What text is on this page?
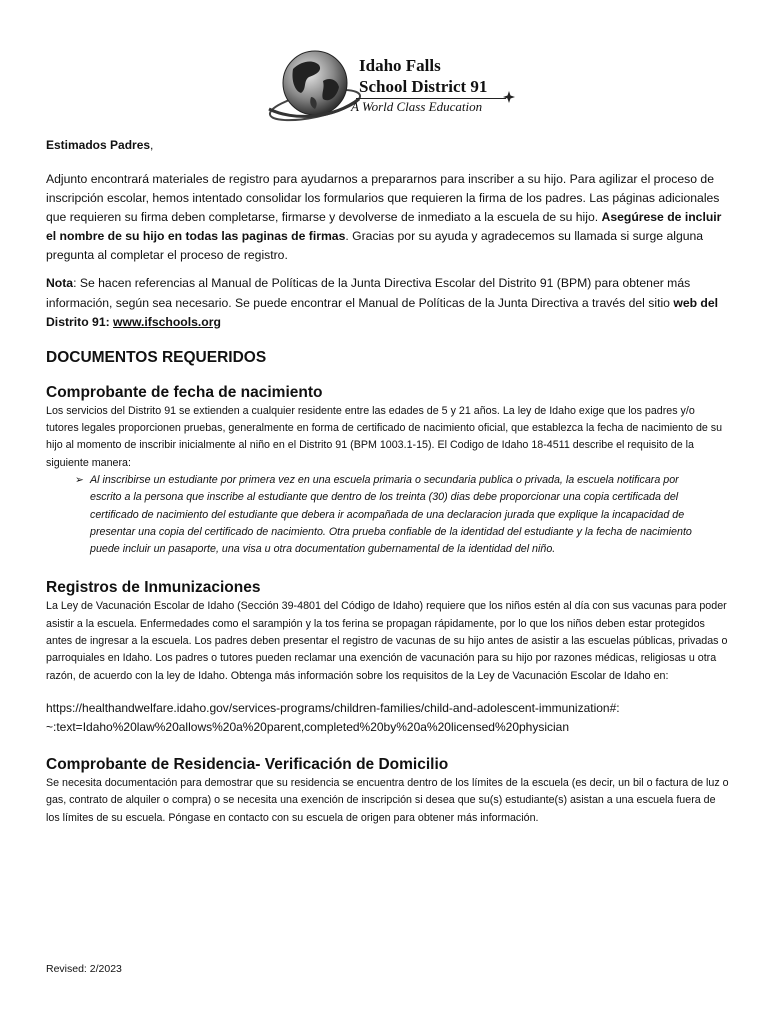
Idaho Falls
School District 91
A World Class Education

Estimados Padres,

Adjunto encontrará materiales de registro para ayudarnos a prepararnos para inscriber a su hijo. Para agilizar el proceso de inscripción escolar, hemos intentado consolidar los formularios que requieren la firma de los padres. Las páginas adicionales que requieren su firma deben completarse, firmarse y devolverse de inmediato a la escuela de su hijo. Asegúrese de incluir el nombre de su hijo en todas las paginas de firmas. Gracias por su ayuda y agradecemos su llamada si surge alguna pregunta al completar el proceso de registro.

Nota: Se hacen referencias al Manual de Políticas de la Junta Directiva Escolar del Distrito 91 (BPM) para obtener más información, según sea necesario. Se puede encontrar el Manual de Políticas de la Junta Directiva a través del sitio web del Distrito 91: www.ifschools.org

DOCUMENTOS REQUERIDOS
Comprobante de fecha de nacimiento

Los servicios del Distrito 91 se extienden a cualquier residente entre las edades de 5 y 21 años. La ley de Idaho exige que los padres y/o tutores legales proporcionen pruebas, generalmente en forma de certificado de nacimiento oficial, que establezca la fecha de nacimiento de su hijo al momento de inscribir inicialmente al niño en el Distrito 91 (BPM 1003.1-15). El Codigo de Idaho 18-4511 describe el requisito de la siguiente manera:

➢ Al inscribirse un estudiante por primera vez en una escuela primaria o secundaria publica o privada, la escuela notificara por escrito a la persona que inscribe al estudiante que dentro de los treinta (30) dias debe proporcionar una copia certificada del certificado de nacimiento del estudiante que debera ir acompañada de una declaracion jurada que explique la incapacidad de presentar una copia del certificado de nacimiento. Otra prueba confiable de la identidad del estudiante y la fecha de nacimiento puede incluir un pasaporte, una visa u otra documentation gubernamental de la identidad del niño.
Registros de Inmunizaciones

La Ley de Vacunación Escolar de Idaho (Sección 39-4801 del Código de Idaho) requiere que los niños estén al día con sus vacunas para poder asistir a la escuela. Enfermedades como el sarampión y la tos ferina se propagan rápidamente, por lo que los niños deben estar protegidos antes de ingresar a la escuela. Los padres deben presentar el registro de vacunas de su hijo antes de asistir a las escuelas públicas, privadas o parroquiales en Idaho. Los padres o tutores pueden reclamar una exención de vacunación para su hijo por razones médicas, religiosas u otra razón, de acuerdo con la ley de Idaho. Obtenga más información sobre los requisitos de la Ley de Vacunación Escolar de Idaho en:

https://healthandwelfare.idaho.gov/services-programs/children-families/child-and-adolescent-immunization#:
~:text=Idaho%20law%20allows%20a%20parent,completed%20by%20a%20licensed%20physician

Comprobante de Residencia- Verificación de Domicilio

Se necesita documentación para demostrar que su residencia se encuentra dentro de los límites de la escuela (es decir, un bil o factura de luz o gas, contrato de alquiler o compra) o se necesita una exención de inscripción si desea que su(s) estudiante(s) asistan a una escuela fuera de los límites de su escuela. Póngase en contacto con su escuela de origen para obtener más información.

Revised: 2/2023
